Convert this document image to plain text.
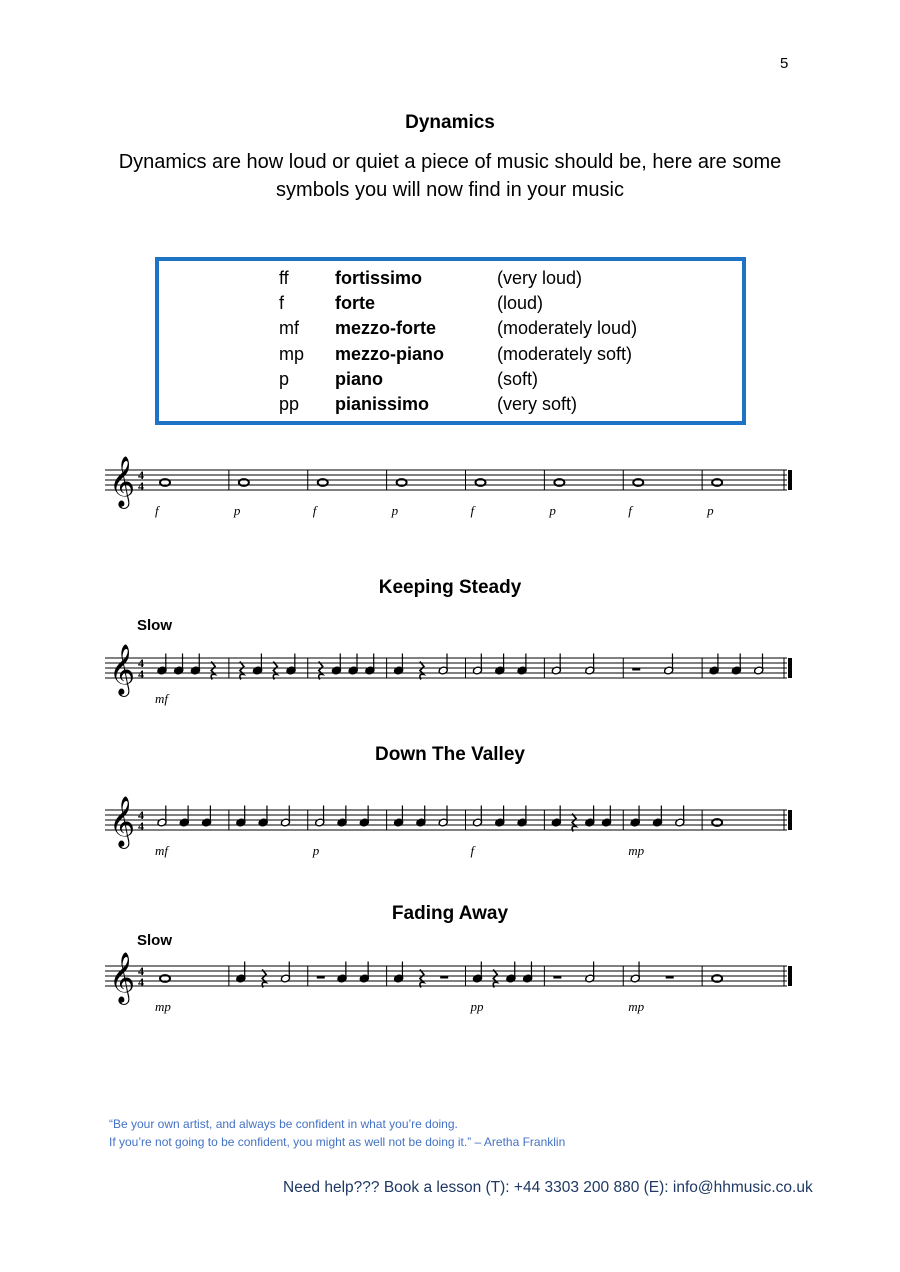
5
Dynamics
Dynamics are how loud or quiet a piece of music should be, here are some
symbols you will now find in your music
ff	fortissimo	(very loud)
f	forte	(loud)
mf mezzo-forte	(moderately loud)
mp mezzo-piano	(moderately soft)
p	piano	(soft)
pp pianissimo	(very soft)
𝄞 4
4
f	p	f	p	f	p	f	p
Keeping Steady
Slow
𝄞 4
4
mf
Down The Valley
𝄞 4
4
mf	p	f	mp
Fading Away
Slow
𝄞 4
4
mp	pp	mp
“Be your own artist, and always be confident in what you’re doing.
If you’re not going to be confident, you might as well not be doing it.” – Aretha Franklin
Need help??? Book a lesson (T): +44 3303 200 880 (E): info@hhmusic.co.uk
